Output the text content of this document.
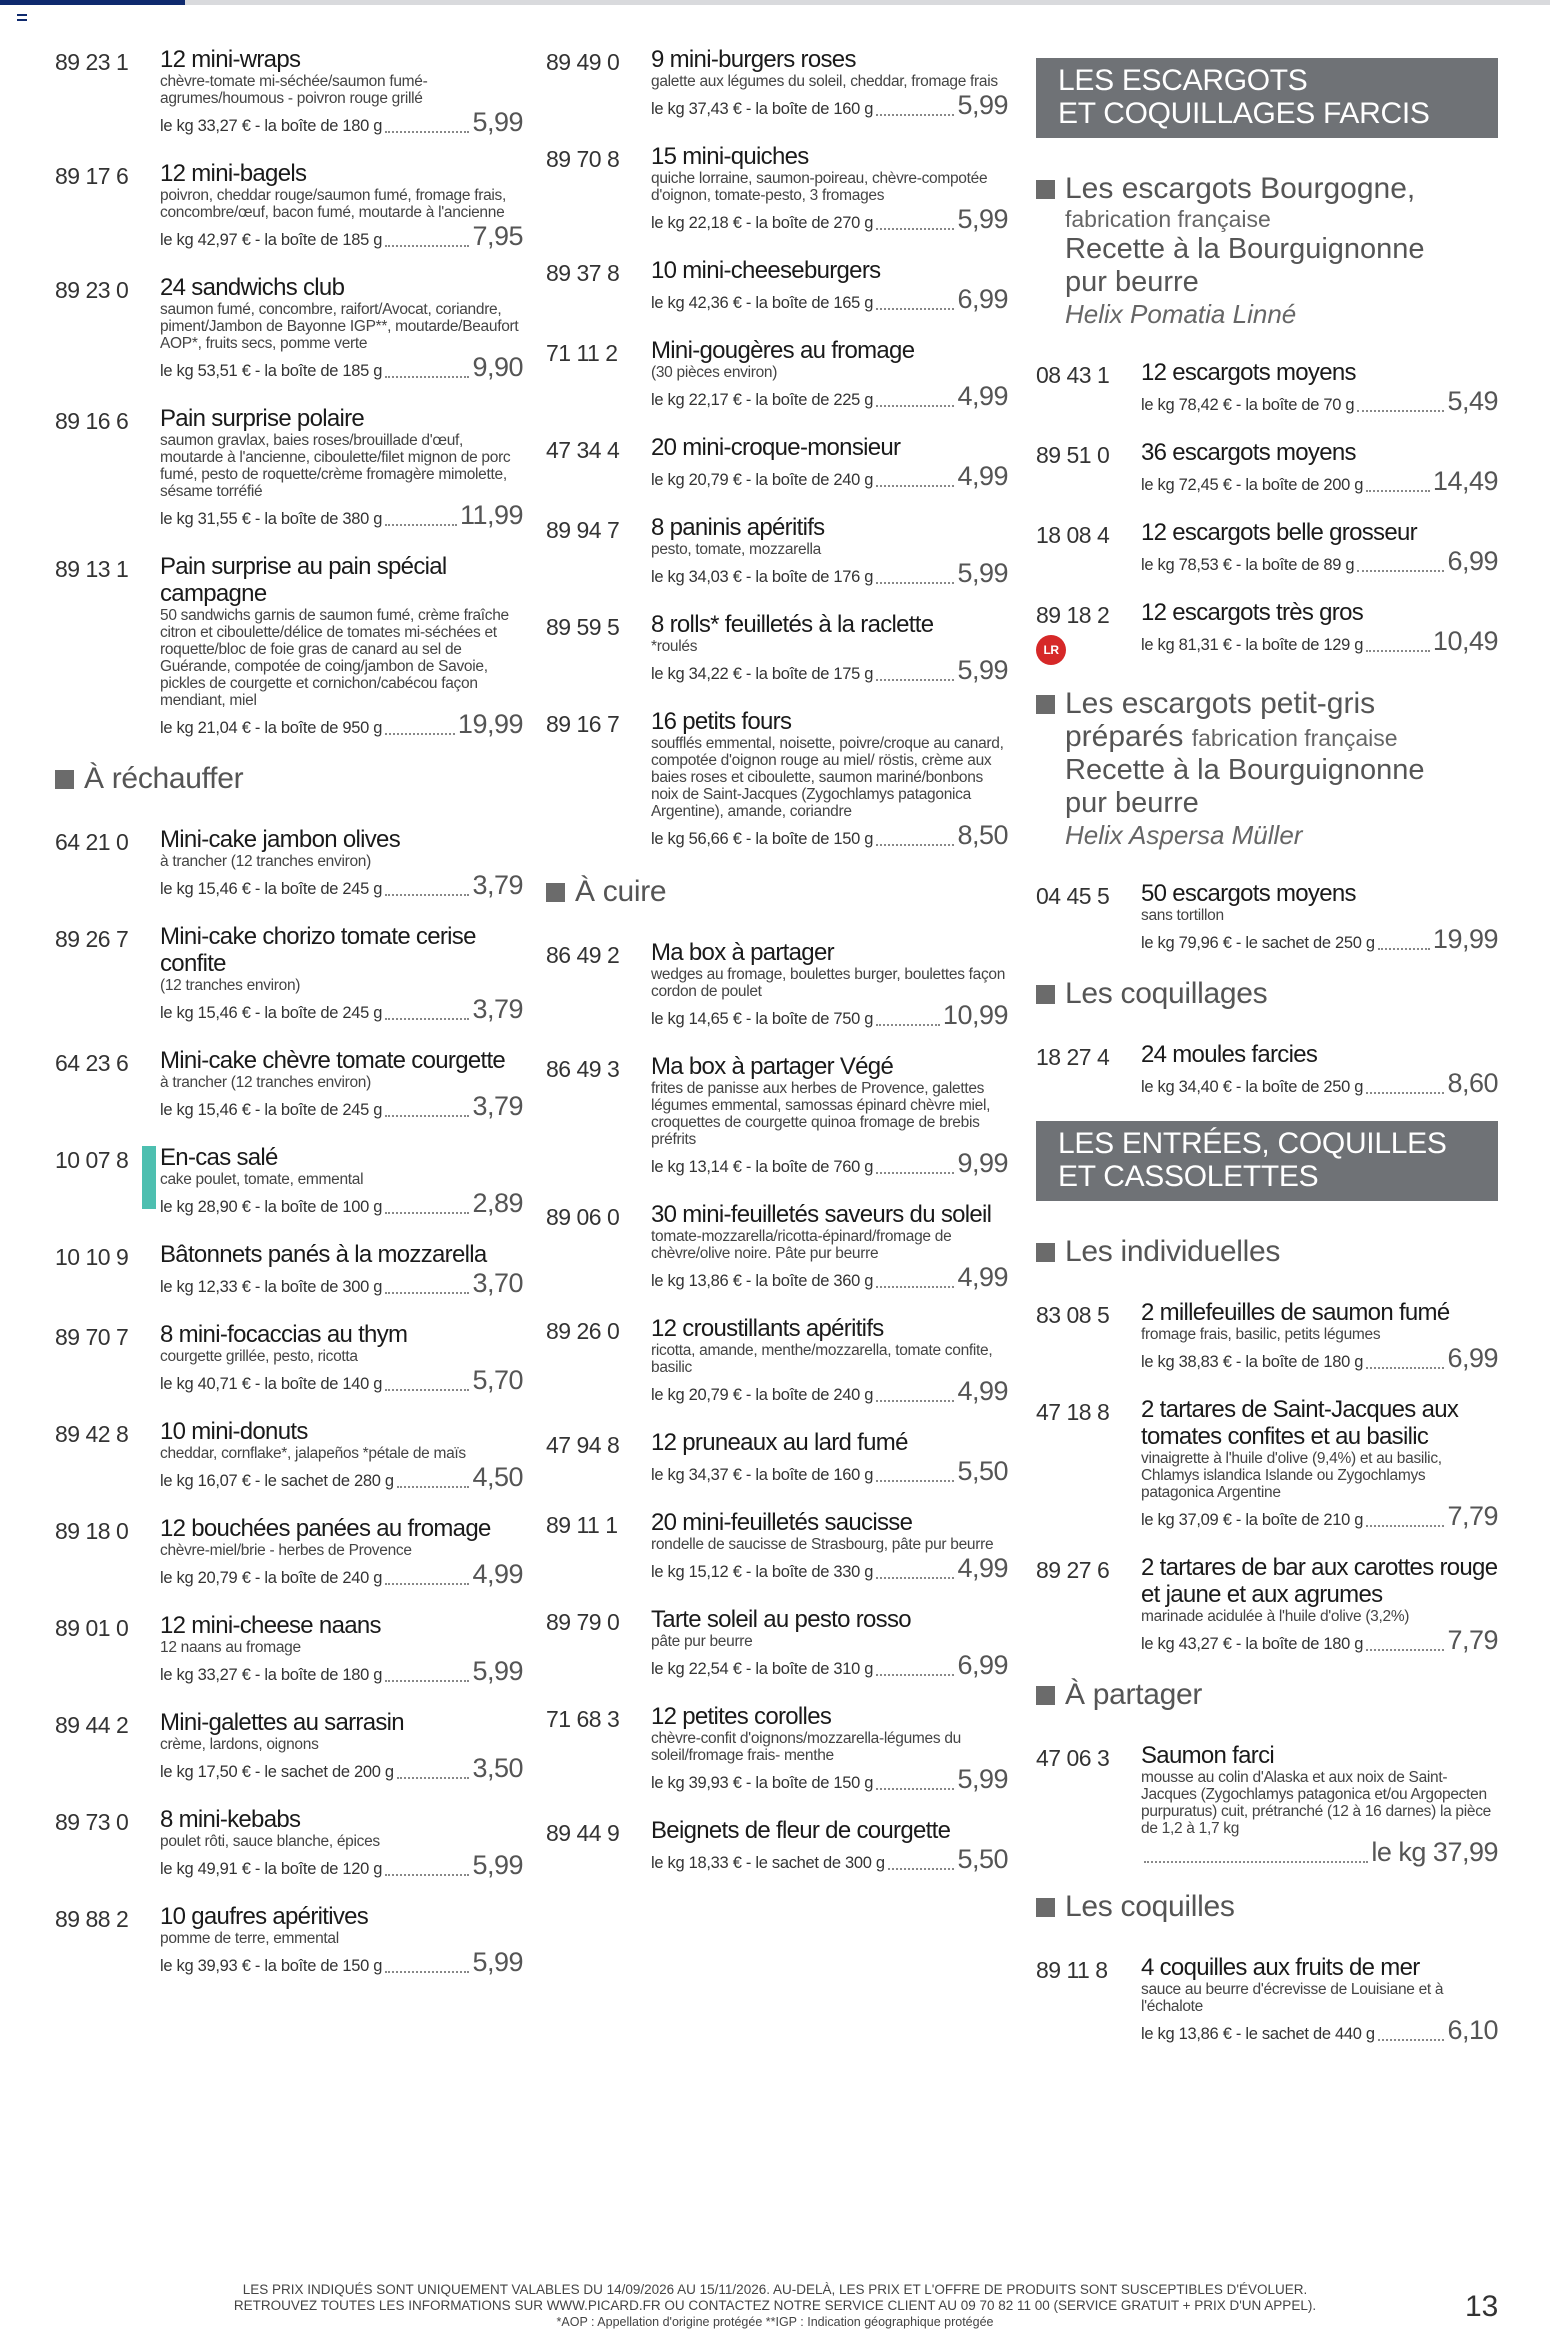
89 23 1	12 mini-wraps
chèvre-tomate mi-séchée/saumon fumé-agrumes/houmous - poivron rouge grillé
le kg 33,27 € - la boîte de 180 g	5,99
89 17 6	12 mini-bagels
poivron, cheddar rouge/saumon fumé, fromage frais, concombre/œuf, bacon fumé, moutarde à l'ancienne
le kg 42,97 € - la boîte de 185 g	7,95
89 23 0	24 sandwichs club
saumon fumé, concombre, raifort/Avocat, coriandre, piment/Jambon de Bayonne IGP**, moutarde/Beaufort AOP*, fruits secs, pomme verte
le kg 53,51 € - la boîte de 185 g	9,90
89 16 6	Pain surprise polaire
saumon gravlax, baies roses/brouillade d'œuf, moutarde à l'ancienne, ciboulette/filet mignon de porc fumé, pesto de roquette/crème fromagère mimolette, sésame torréfié
le kg 31,55 € - la boîte de 380 g	11,99
89 13 1	Pain surprise au pain spécial campagne
50 sandwichs garnis de saumon fumé, crème fraîche citron et ciboulette/délice de tomates mi-séchées et roquette/bloc de foie gras de canard au sel de Guérande, compotée de coing/jambon de Savoie, pickles de courgette et cornichon/cabécou façon mendiant, miel
le kg 21,04 € - la boîte de 950 g	19,99
À réchauffer
64 21 0	Mini-cake jambon olives
à trancher (12 tranches environ)
le kg 15,46 € - la boîte de 245 g	3,79
89 26 7	Mini-cake chorizo tomate cerise confite
(12 tranches environ)
le kg 15,46 € - la boîte de 245 g	3,79
64 23 6	Mini-cake chèvre tomate courgette
à trancher (12 tranches environ)
le kg 15,46 € - la boîte de 245 g	3,79
10 07 8	En-cas salé
cake poulet, tomate, emmental
le kg 28,90 € - la boîte de 100 g	2,89
10 10 9	Bâtonnets panés à la mozzarella
le kg 12,33 € - la boîte de 300 g	3,70
89 70 7	8 mini-focaccias au thym
courgette grillée, pesto, ricotta
le kg 40,71 € - la boîte de 140 g	5,70
89 42 8	10 mini-donuts
cheddar, cornflake*, jalapeños *pétale de maïs
le kg 16,07 € - le sachet de 280 g	4,50
89 18 0	12 bouchées panées au fromage
chèvre-miel/brie - herbes de Provence
le kg 20,79 € - la boîte de 240 g	4,99
89 01 0	12 mini-cheese naans
12 naans au fromage
le kg 33,27 € - la boîte de 180 g	5,99
89 44 2	Mini-galettes au sarrasin
crème, lardons, oignons
le kg 17,50 € - le sachet de 200 g	3,50
89 73 0	8 mini-kebabs
poulet rôti, sauce blanche, épices
le kg 49,91 € - la boîte de 120 g	5,99
89 88 2	10 gaufres apéritives
pomme de terre, emmental
le kg 39,93 € - la boîte de 150 g	5,99
89 49 0	9 mini-burgers roses
galette aux légumes du soleil, cheddar, fromage frais
le kg 37,43 € - la boîte de 160 g	5,99
89 70 8	15 mini-quiches
quiche lorraine, saumon-poireau, chèvre-compotée d'oignon, tomate-pesto, 3 fromages
le kg 22,18 € - la boîte de 270 g	5,99
89 37 8	10 mini-cheeseburgers
le kg 42,36 € - la boîte de 165 g	6,99
71 11 2	Mini-gougères au fromage
(30 pièces environ)
le kg 22,17 € - la boîte de 225 g	4,99
47 34 4	20 mini-croque-monsieur
le kg 20,79 € - la boîte de 240 g	4,99
89 94 7	8 paninis apéritifs
pesto, tomate, mozzarella
le kg 34,03 € - la boîte de 176 g	5,99
89 59 5	8 rolls* feuilletés à la raclette
*roulés
le kg 34,22 € - la boîte de 175 g	5,99
89 16 7	16 petits fours
soufflés emmental, noisette, poivre/croque au canard, compotée d'oignon rouge au miel/ röstis, crème aux baies roses et ciboulette, saumon mariné/bonbons noix de Saint-Jacques (Zygochlamys patagonica Argentine), amande, coriandre
le kg 56,66 € - la boîte de 150 g	8,50
À cuire
86 49 2	Ma box à partager
wedges au fromage, boulettes burger, boulettes façon cordon de poulet
le kg 14,65 € - la boîte de 750 g	10,99
86 49 3	Ma box à partager Végé
frites de panisse aux herbes de Provence, galettes légumes emmental, samossas épinard chèvre miel, croquettes de courgette quinoa fromage de brebis préfrits
le kg 13,14 € - la boîte de 760 g	9,99
89 06 0	30 mini-feuilletés saveurs du soleil
tomate-mozzarella/ricotta-épinard/fromage de chèvre/olive noire. Pâte pur beurre
le kg 13,86 € - la boîte de 360 g	4,99
89 26 0	12 croustillants apéritifs
ricotta, amande, menthe/mozzarella, tomate confite, basilic
le kg 20,79 € - la boîte de 240 g	4,99
47 94 8	12 pruneaux au lard fumé
le kg 34,37 € - la boîte de 160 g	5,50
89 11 1	20 mini-feuilletés saucisse
rondelle de saucisse de Strasbourg, pâte pur beurre
le kg 15,12 € - la boîte de 330 g	4,99
89 79 0	Tarte soleil au pesto rosso
pâte pur beurre
le kg 22,54 € - la boîte de 310 g	6,99
71 68 3	12 petites corolles
chèvre-confit d'oignons/mozzarella-légumes du soleil/fromage frais- menthe
le kg 39,93 € - la boîte de 150 g	5,99
89 44 9	Beignets de fleur de courgette
le kg 18,33 € - le sachet de 300 g	5,50
LES ESCARGOTS
ET COQUILLAGES FARCIS
Les escargots Bourgogne,
fabrication française
Recette à la Bourguignonne
pur beurre
Helix Pomatia Linné
08 43 1	12 escargots moyens
le kg 78,42 € - la boîte de 70 g	5,49
89 51 0	36 escargots moyens
le kg 72,45 € - la boîte de 200 g	14,49
18 08 4	12 escargots belle grosseur
le kg 78,53 € - la boîte de 89 g	6,99
89 18 2
LR
12 escargots très gros
le kg 81,31 € - la boîte de 129 g	10,49
Les escargots petit-gris
préparés fabrication française
Recette à la Bourguignonne
pur beurre
Helix Aspersa Müller
04 45 5	50 escargots moyens
sans tortillon
le kg 79,96 € - le sachet de 250 g 19,99
Les coquillages
18 27 4	24 moules farcies
le kg 34,40 € - la boîte de 250 g	8,60
LES ENTRÉES, COQUILLES
ET CASSOLETTES
Les individuelles
83 08 5	2 millefeuilles de saumon fumé
fromage frais, basilic, petits légumes
le kg 38,83 € - la boîte de 180 g	6,99
47 18 8	2 tartares de Saint-Jacques aux tomates confites et au basilic
vinaigrette à l'huile d'olive (9,4%) et au basilic, Chlamys islandica Islande ou Zygochlamys patagonica Argentine
le kg 37,09 € - la boîte de 210 g	7,79
89 27 6	2 tartares de bar aux carottes rouge et jaune et aux agrumes
marinade acidulée à l'huile d'olive (3,2%)
le kg 43,27 € - la boîte de 180 g	7,79
À partager
47 06 3	Saumon farci
mousse au colin d'Alaska et aux noix de Saint-Jacques (Zygochlamys patagonica et/ou Argopecten purpuratus) cuit, prétranché (12 à 16 darnes) la pièce de 1,2 à 1,7 kg
le kg 37,99
Les coquilles
89 11 8	4 coquilles aux fruits de mer
sauce au beurre d'écrevisse de Louisiane et à l'échalote
le kg 13,86 € - le sachet de 440 g	6,10
LES PRIX INDIQUÉS SONT UNIQUEMENT VALABLES DU 14/09/2026 AU 15/11/2026. AU-DELÀ, LES PRIX ET L'OFFRE DE PRODUITS SONT SUSCEPTIBLES D'ÉVOLUER.
RETROUVEZ TOUTES LES INFORMATIONS SUR WWW.PICARD.FR OU CONTACTEZ NOTRE SERVICE CLIENT AU 09 70 82 11 00 (SERVICE GRATUIT + PRIX D'UN APPEL).
*AOP : Appellation d'origine protégée **IGP : Indication géographique protégée	13
